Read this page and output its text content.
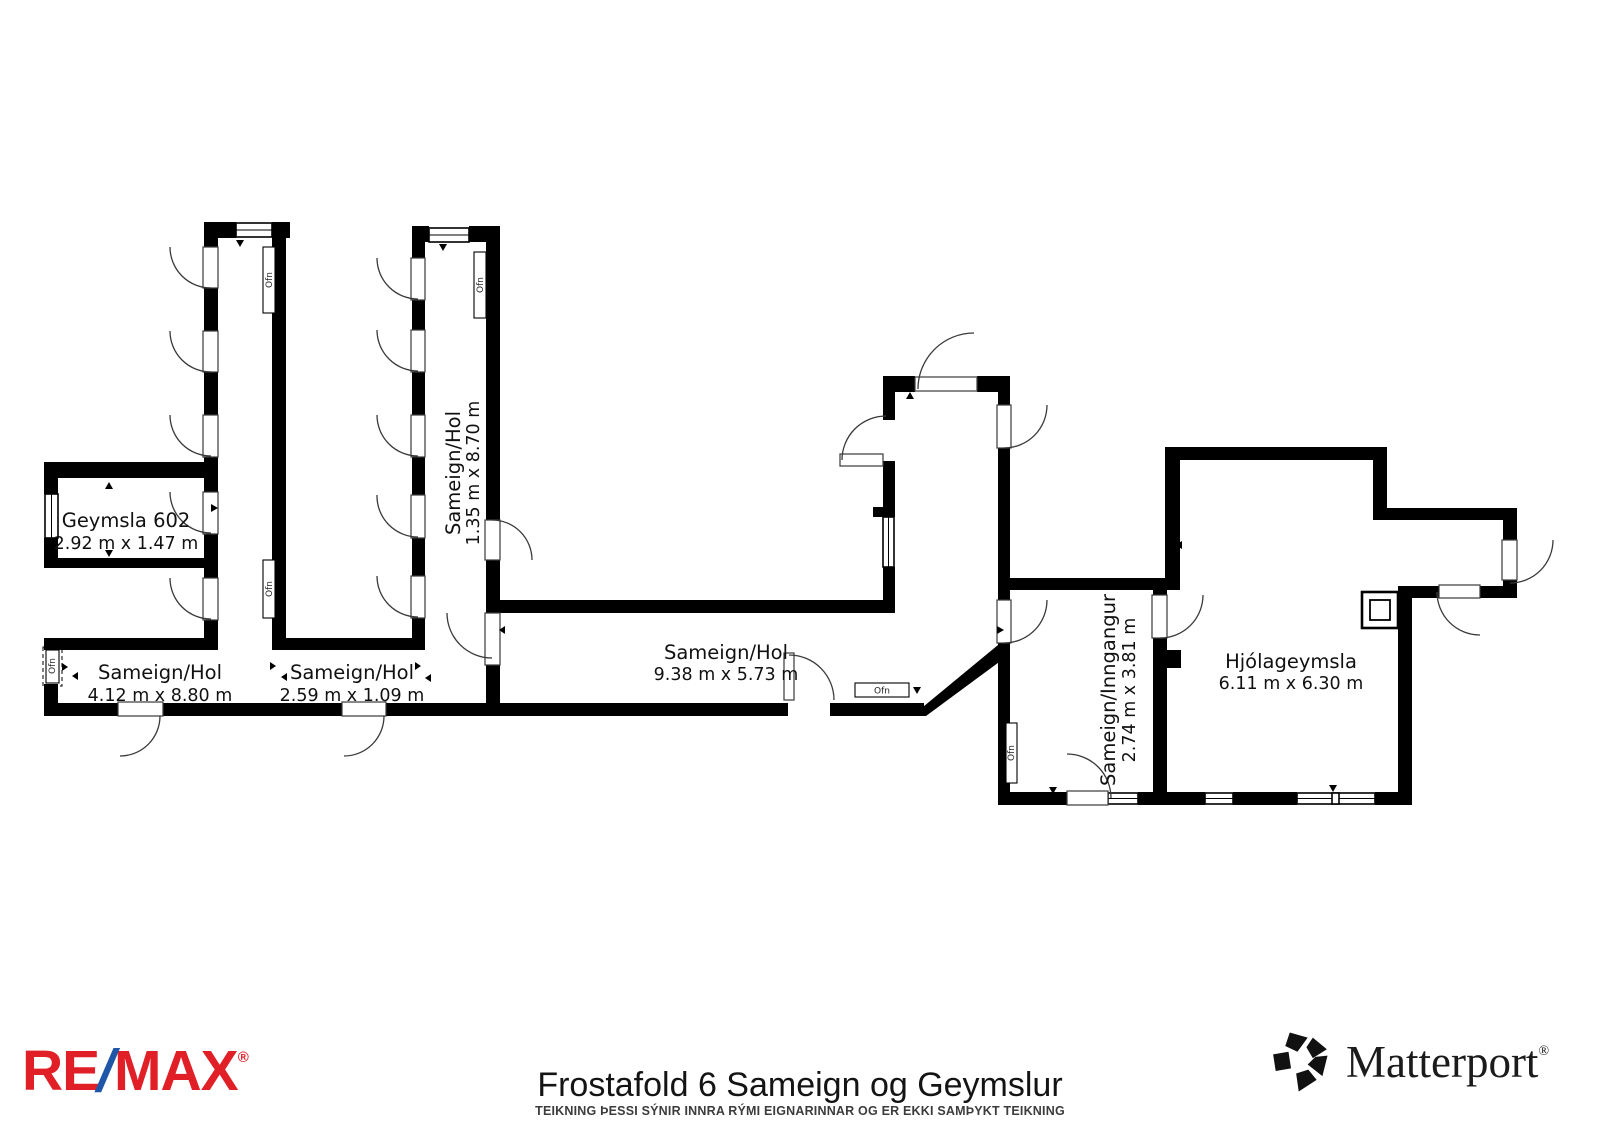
Ofn
Ofn
Ofn
Ofn
Ofn
Ofn
Geymsla 602
2.92 m x 1.47 m
Sameign/Hol
4.12 m x 8.80 m
Sameign/Hol
2.59 m x 1.09 m
Sameign/Hol 1.35 m x 8.70 m
Sameign/Hol
9.38 m x 5.73 m	Sameign/Inngangur 2.74 m x 3.81 m	Hjólageymsla
6.11 m x 6.30 m
RE/MAX®
Frostafold 6 Sameign og Geymslur
TEIKNING ÞESSI SÝNIR INNRA RÝMI EIGNARINNAR OG ER EKKI SAMÞYKT TEIKNING
Matterport®
